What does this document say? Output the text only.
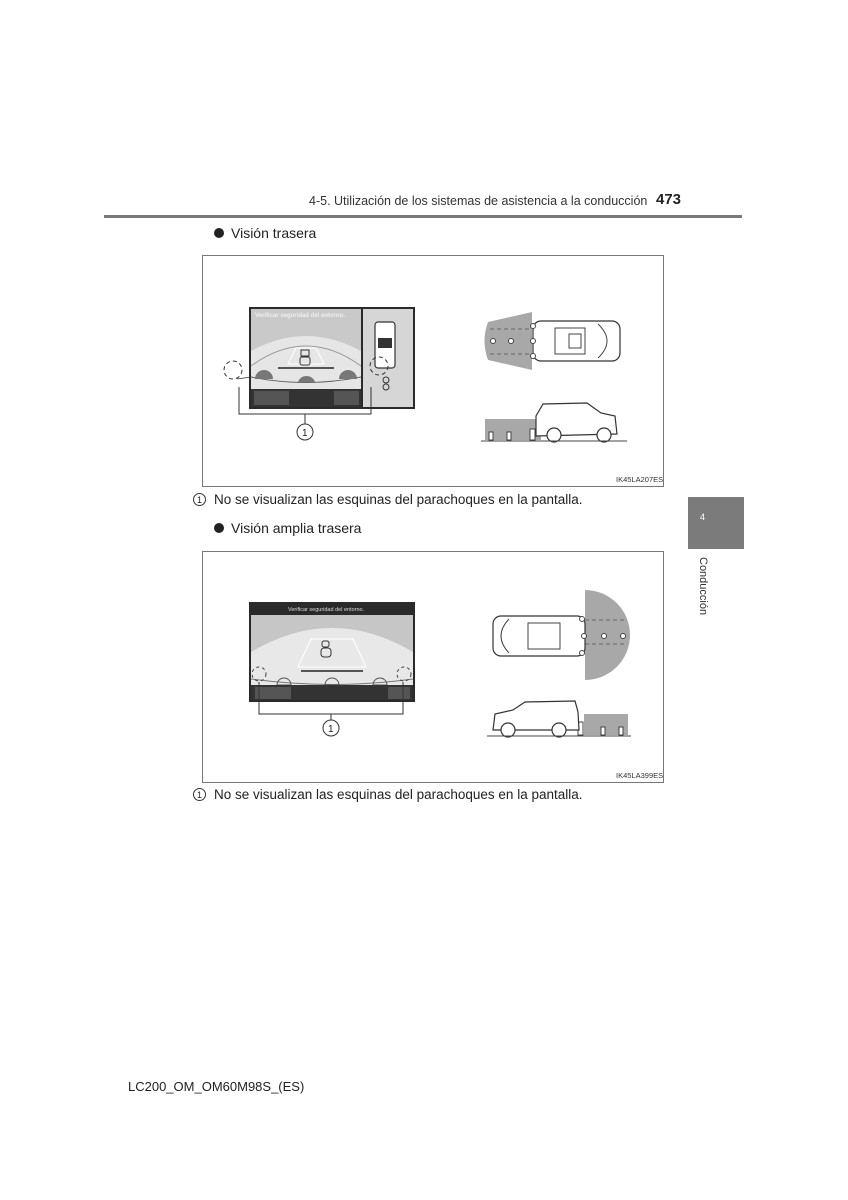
4-5. Utilización de los sistemas de asistencia a la conducción 473
Visión trasera
Verificar seguridad del entorno.
1
IK45LA207ES
1 No se visualizan las esquinas del parachoques en la pantalla.
Visión amplia trasera
Verificar seguridad del entorno.
1
IK45LA399ES
1 No se visualizan las esquinas del parachoques en la pantalla.
4
Conducción
LC200_OM_OM60M98S_(ES)
